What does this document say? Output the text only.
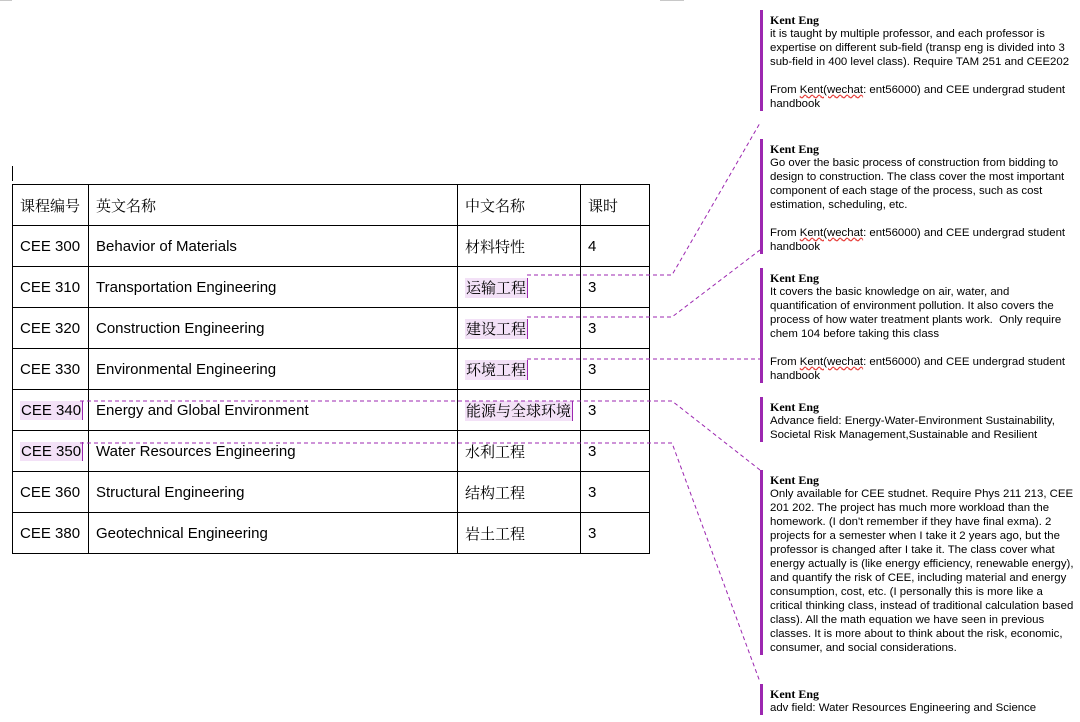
课程编号	英文名称	中文名称	课时
CEE 300	Behavior of Materials	材料特性	4
CEE 310	Transportation Engineering	运输工程	3
CEE 320	Construction Engineering	建设工程	3
CEE 330	Environmental Engineering	环境工程	3
CEE 340	Energy and Global Environment	能源与全球环境	3
CEE 350	Water Resources Engineering	水利工程	3
CEE 360	Structural Engineering	结构工程	3
CEE 380	Geotechnical Engineering	岩土工程	3
Kent Eng
it is taught by multiple professor, and each professor is expertise on different sub-field (transp eng is divided into 3 sub-field in 400 level class). Require TAM 251 and CEE202
From Kent(wechat: ent56000) and CEE undergrad student handbook
Kent Eng
Go over the basic process of construction from bidding to design to construction. The class cover the most important component of each stage of the process, such as cost estimation, scheduling, etc.
From Kent(wechat: ent56000) and CEE undergrad student handbook
Kent Eng
It covers the basic knowledge on air, water, and quantification of environment pollution. It also covers the process of how water treatment plants work.  Only require chem 104 before taking this class
From Kent(wechat: ent56000) and CEE undergrad student handbook
Kent Eng
Advance field: Energy-Water-Environment Sustainability, Societal Risk Management,Sustainable and Resilient
Kent Eng
Only available for CEE studnet. Require Phys 211 213, CEE 201 202. The project has much more workload than the homework. (I don't remember if they have final exma). 2 projects for a semester when I take it 2 years ago, but the professor is changed after I take it. The class cover what energy actually is (like energy efficiency, renewable energy), and quantify the risk of CEE, including material and energy consumption, cost, etc. (I personally this is more like a critical thinking class, instead of traditional calculation based class). All the math equation we have seen in previous classes. It is more about to think about the risk, economic, consumer, and social considerations.
Kent Eng
adv field: Water Resources Engineering and Science
